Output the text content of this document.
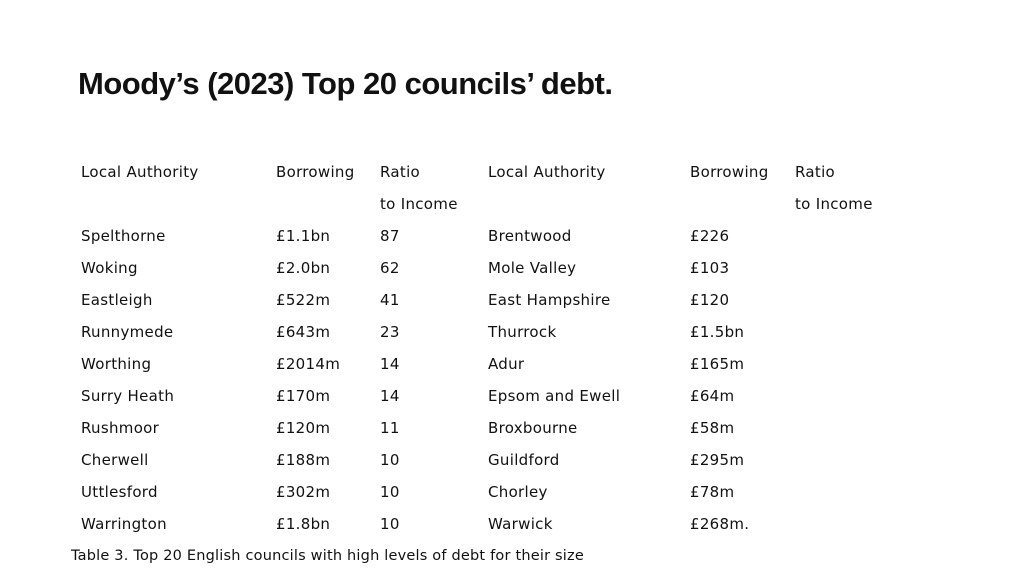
Moody’s (2023) Top 20 councils’ debt.
Local Authority	Borrowing	Ratio	Local Authority	Borrowing	Ratio
		to Income			to Income
Spelthorne	£1.1bn	87	Brentwood	£226	
Woking	£2.0bn	62	Mole Valley	£103	
Eastleigh	£522m	41	East Hampshire	£120	
Runnymede	£643m	23	Thurrock	£1.5bn	
Worthing	£2014m	14	Adur	£165m	
Surry Heath	£170m	14	Epsom and Ewell	£64m	
Rushmoor	£120m	11	Broxbourne	£58m	
Cherwell	£188m	10	Guildford	£295m	
Uttlesford	£302m	10	Chorley	£78m	
Warrington	£1.8bn	10	Warwick	£268m.	

Table 3. Top 20 English councils with high levels of debt for their size
